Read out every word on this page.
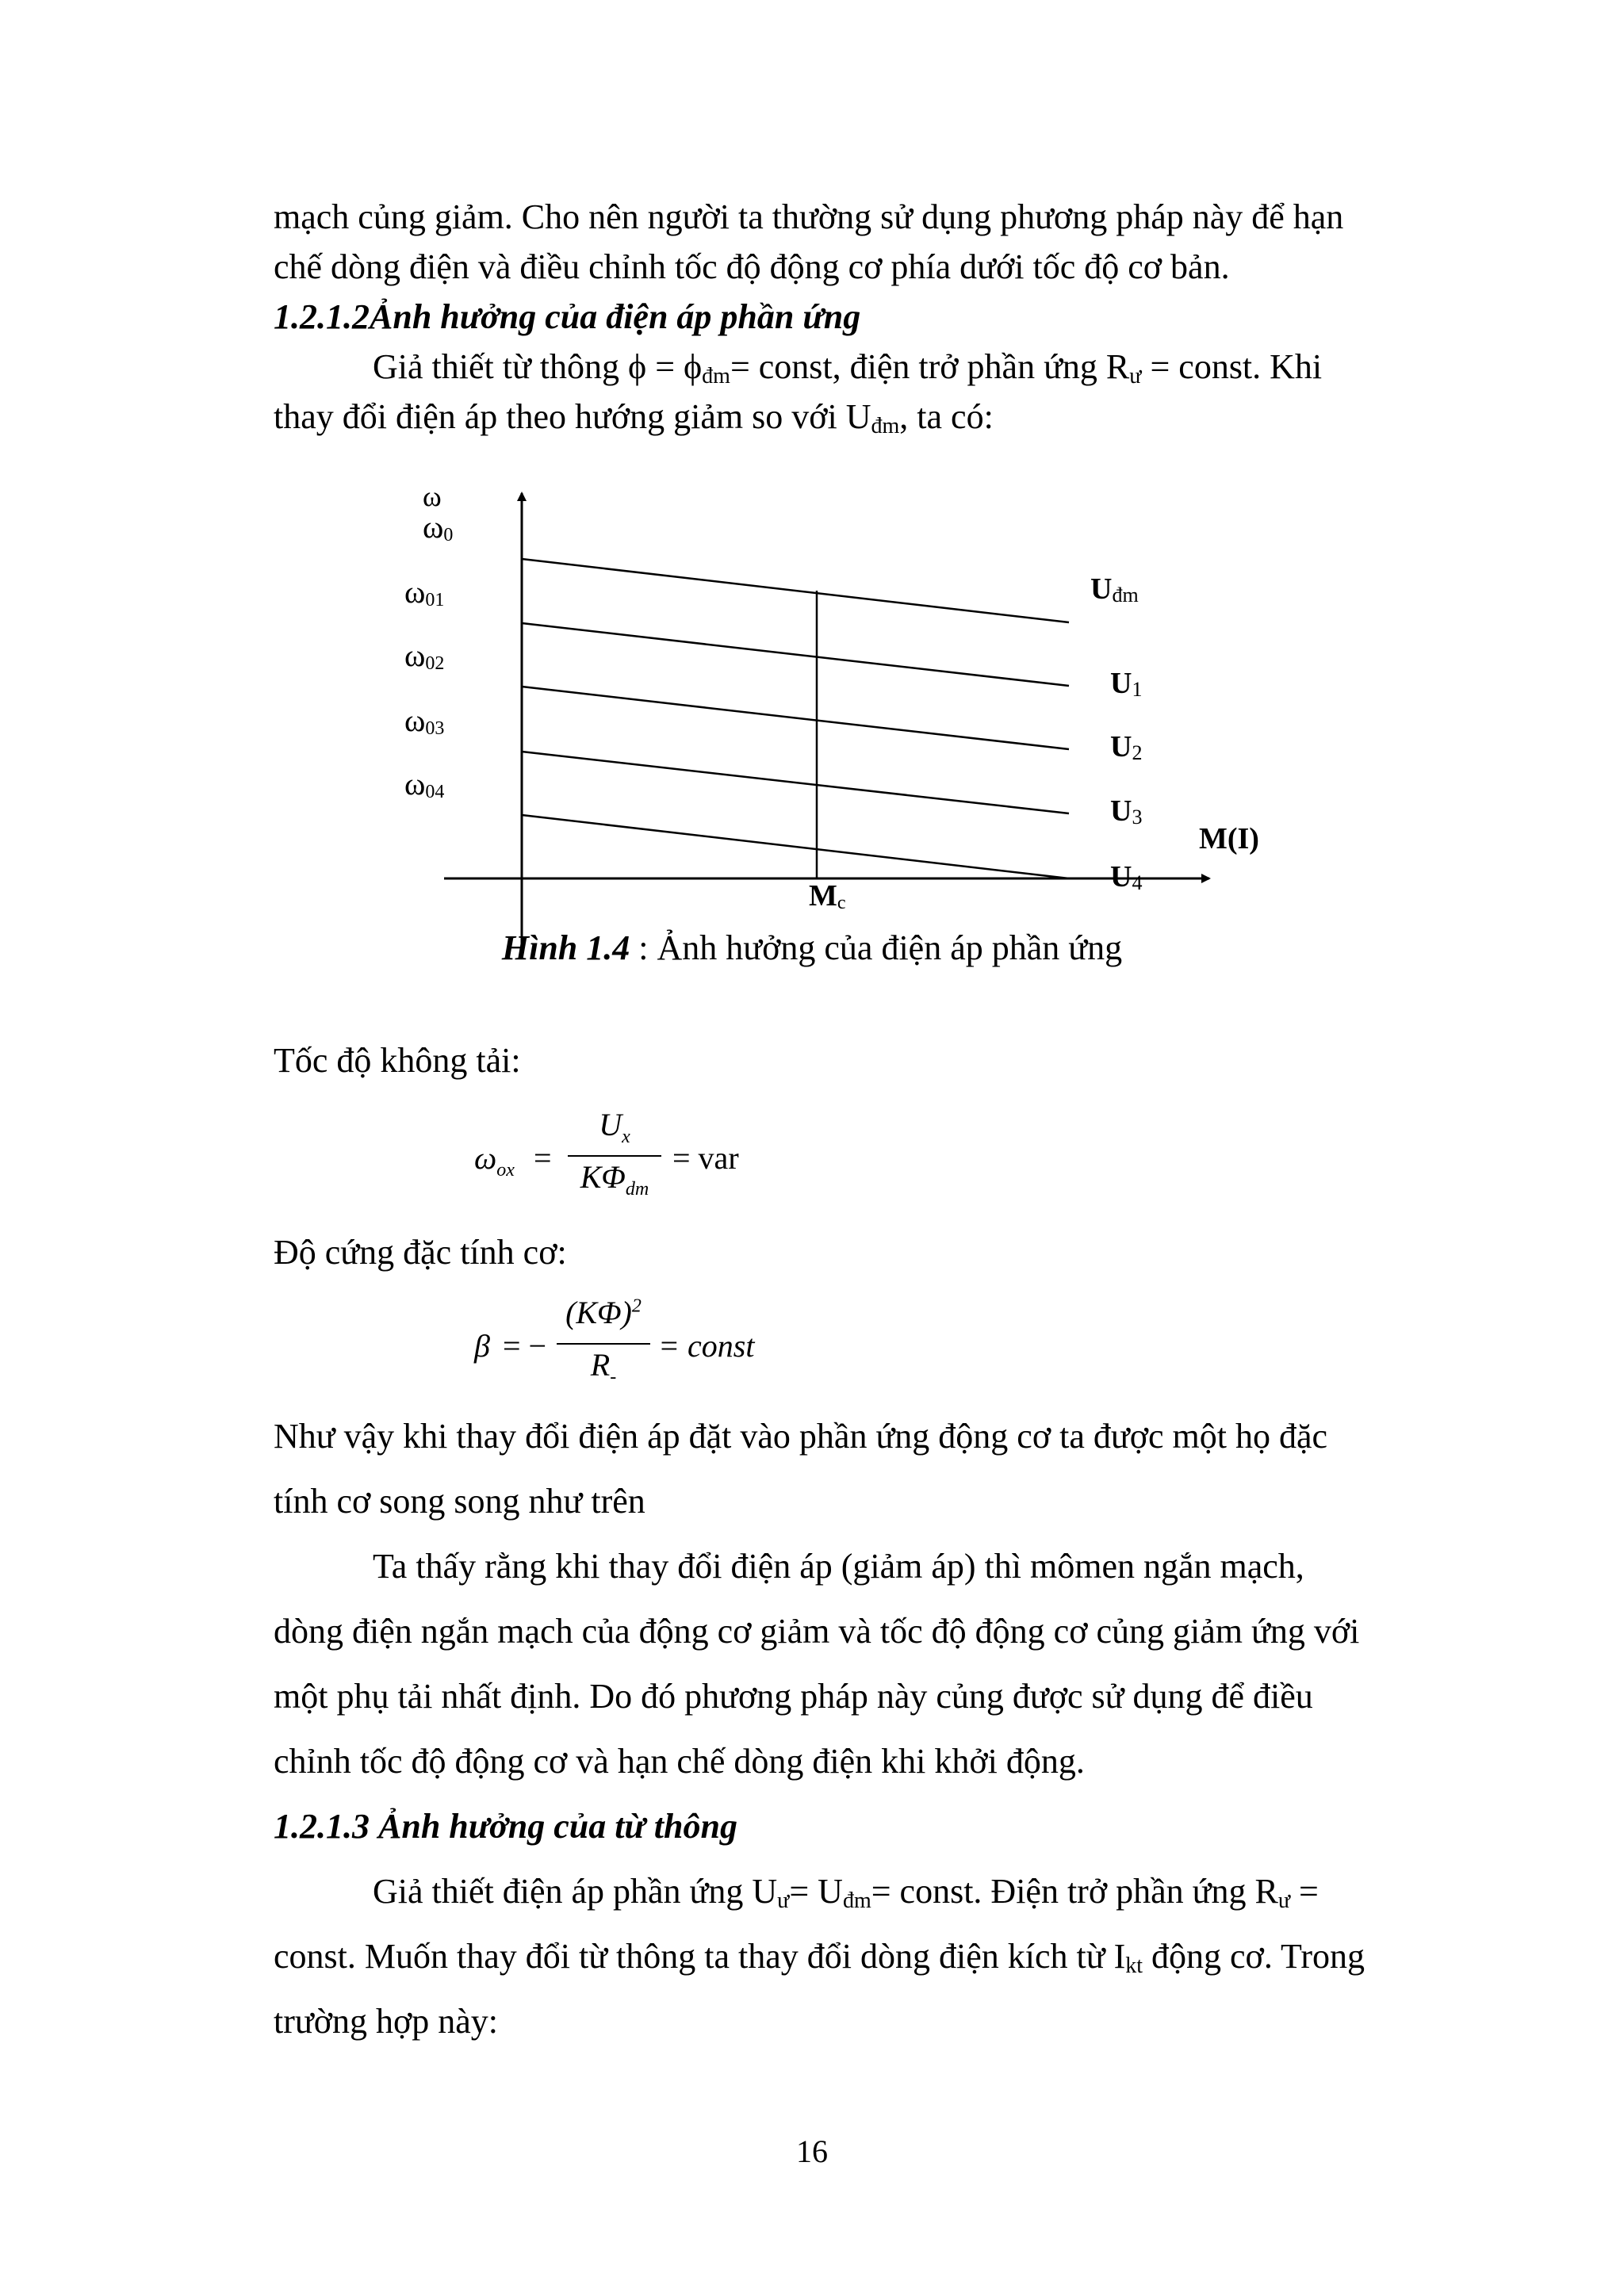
mạch củng giảm. Cho nên người ta thường sử dụng phương pháp này để hạn
chế dòng điện và điều chỉnh tốc độ động cơ phía dưới tốc độ cơ bản.
1.2.1.2Ảnh hưởng của điện áp phần ứng
Giả thiết từ thông $\phi = \phi_{đm}=$ const, điện trở phần ứng $R_ư$ = const. Khi
thay đổi điện áp theo hướng giảm so với $U_{đm}$, ta có:
ω
ω0
ω01
ω02
ω03
ω04
Uđm
U1
U2
U3
U4
M(I)
Mc
Hình 1.4 : Ảnh hưởng của điện áp phần ứng
Tốc độ không tải:
$\omega_{ox}$ =
$U_x$
$K\Phi_{dm}$
= var
Độ cứng đặc tính cơ:
β = −
$(K\Phi)^2$
$R_-$
= const
Như vậy khi thay đổi điện áp đặt vào phần ứng động cơ ta được một họ đặc
tính cơ song song như trên
Ta thấy rằng khi thay đổi điện áp (giảm áp) thì mômen ngắn mạch,
dòng điện ngắn mạch của động cơ giảm và tốc độ động cơ củng giảm ứng với
một phụ tải nhất định. Do đó phương pháp này củng được sử dụng để điều
chỉnh tốc độ động cơ và hạn chế dòng điện khi khởi động.
1.2.1.3 Ảnh hưởng của từ thông
Giả thiết điện áp phần ứng $U_ư= U_{đm}=$ const. Điện trở phần ứng $R_ư$ =
const. Muốn thay đổi từ thông ta thay đổi dòng điện kích từ $I_{kt}$ động cơ. Trong
trường hợp này:
16
